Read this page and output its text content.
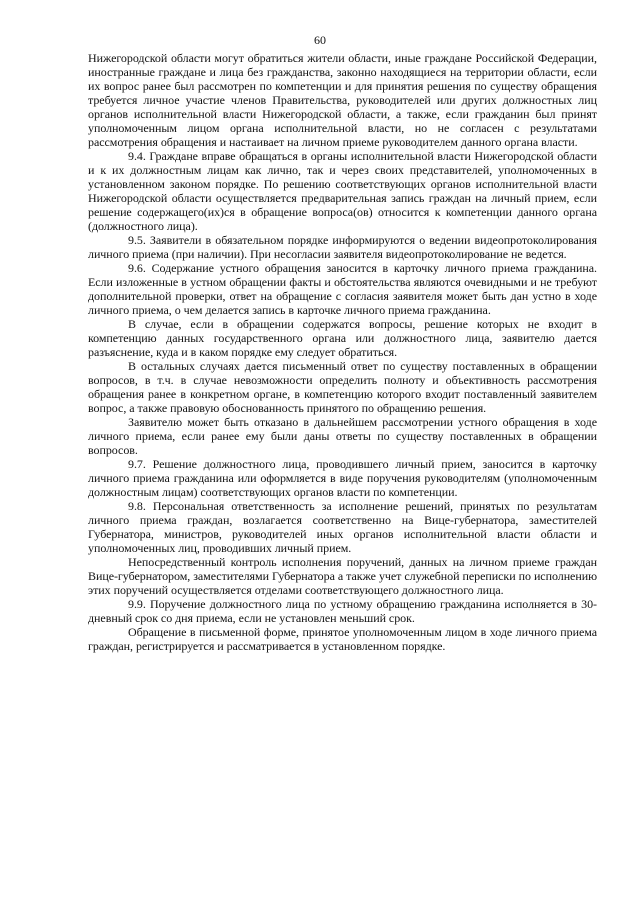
60

Нижегородской области могут обратиться жители области, иные граждане Российской Федерации, иностранные граждане и лица без гражданства, законно находящиеся на территории области, если их вопрос ранее был рассмотрен по компетенции и для принятия решения по существу обращения требуется личное участие членов Правительства, руководителей или других должностных лиц органов исполнительной власти Нижегородской области, а также, если гражданин был принят уполномоченным лицом органа исполнительной власти, но не согласен с результатами рассмотрения обращения и настаивает на личном приеме руководителем данного органа власти.

9.4. Граждане вправе обращаться в органы исполнительной власти Нижегородской области и к их должностным лицам как лично, так и через своих представителей, уполномоченных в установленном законом порядке. По решению соответствующих органов исполнительной власти Нижегородской области осуществляется предварительная запись граждан на личный прием, если решение содержащего(их)ся в обращение вопроса(ов) относится к компетенции данного органа (должностного лица).

9.5. Заявители в обязательном порядке информируются о ведении видеопротоколирования личного приема (при наличии). При несогласии заявителя видеопротоколирование не ведется.

9.6. Содержание устного обращения заносится в карточку личного приема гражданина. Если изложенные в устном обращении факты и обстоятельства являются очевидными и не требуют дополнительной проверки, ответ на обращение с согласия заявителя может быть дан устно в ходе личного приема, о чем делается запись в карточке личного приема гражданина.

В случае, если в обращении содержатся вопросы, решение которых не входит в компетенцию данных государственного органа или должностного лица, заявителю дается разъяснение, куда и в каком порядке ему следует обратиться.

В остальных случаях дается письменный ответ по существу поставленных в обращении вопросов, в т.ч. в случае невозможности определить полноту и объективность рассмотрения обращения ранее в конкретном органе, в компетенцию которого входит поставленный заявителем вопрос, а также правовую обоснованность принятого по обращению решения.

Заявителю может быть отказано в дальнейшем рассмотрении устного обращения в ходе личного приема, если ранее ему были даны ответы по существу поставленных в обращении вопросов.

9.7. Решение должностного лица, проводившего личный прием, заносится в карточку личного приема гражданина или оформляется в виде поручения руководителям (уполномоченным должностным лицам) соответствующих органов власти по компетенции.

9.8. Персональная ответственность за исполнение решений, принятых по результатам личного приема граждан, возлагается соответственно на Вице-губернатора, заместителей Губернатора, министров, руководителей иных органов исполнительной власти области и уполномоченных лиц, проводивших личный прием.

Непосредственный контроль исполнения поручений, данных на личном приеме граждан Вице-губернатором, заместителями Губернатора а также учет служебной переписки по исполнению этих поручений осуществляется отделами соответствующего должностного лица.

9.9. Поручение должностного лица по устному обращению гражданина исполняется в 30-дневный срок со дня приема, если не установлен меньший срок.

Обращение в письменной форме, принятое уполномоченным лицом в ходе личного приема граждан, регистрируется и рассматривается в установленном порядке.
